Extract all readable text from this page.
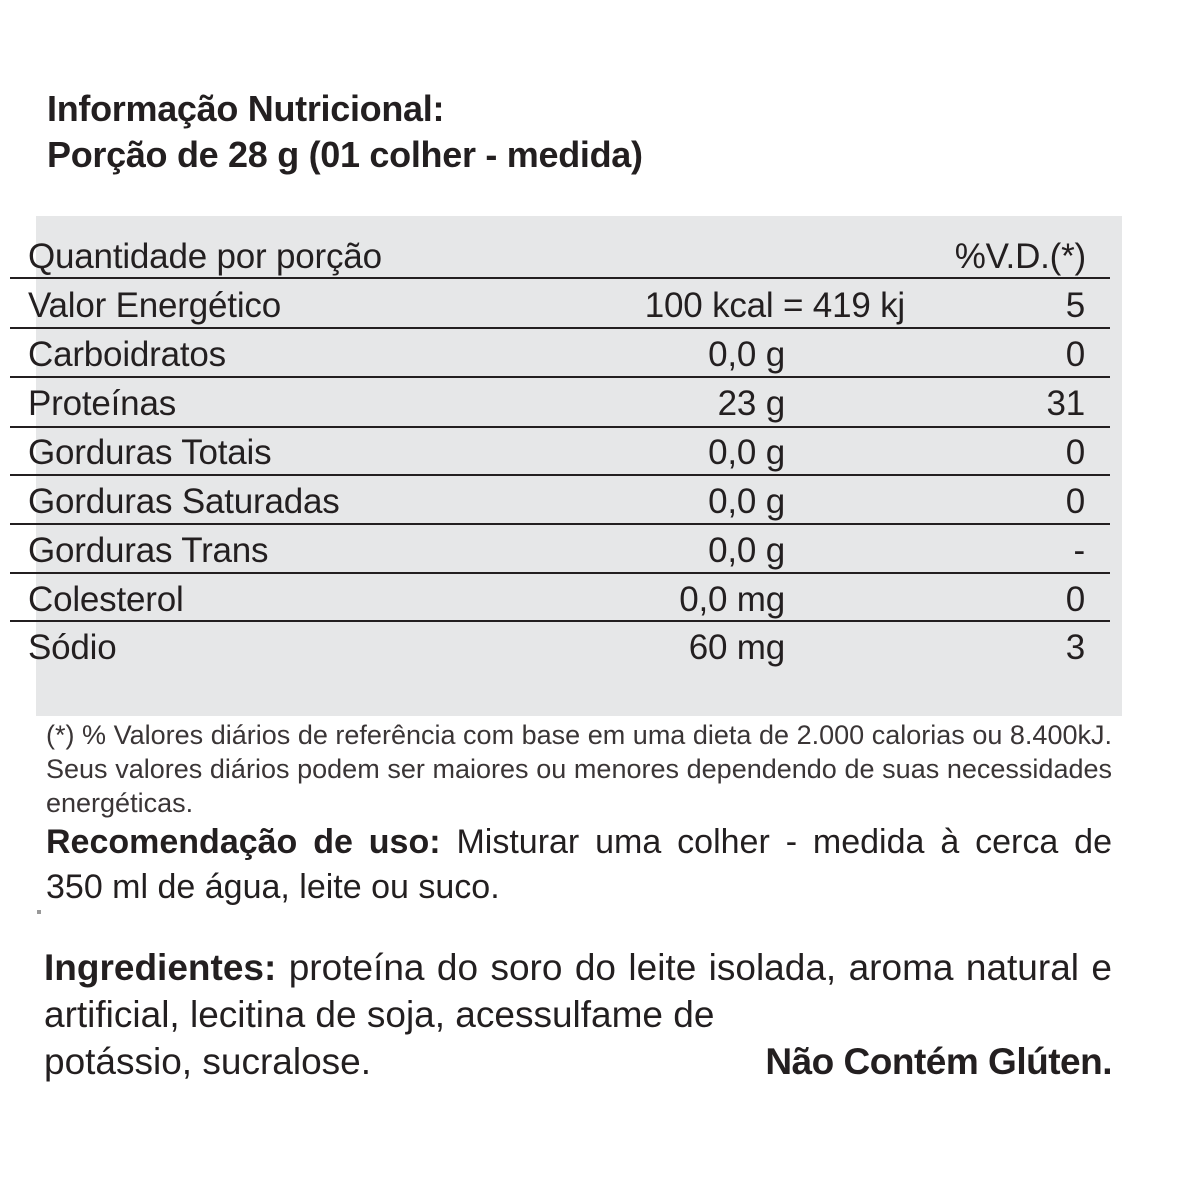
Informação Nutricional:
Porção de 28 g (01 colher - medida)
Quantidade por porção	%V.D.(*)
Valor Energético	100 kcal = 419 kj	5
Carboidratos	0,0 g	0
Proteínas	23 g	31
Gorduras Totais	0,0 g	0
Gorduras Saturadas	0,0 g	0
Gorduras Trans	0,0 g	-
Colesterol	0,0 mg	0
Sódio	60 mg	3
(*) % Valores diários de referência com base em uma dieta de 2.000 calorias ou 8.400kJ. Seus valores diários podem ser maiores ou menores dependendo de suas necessidades energéticas.
Recomendação de uso: Misturar uma colher - medida à cerca de 350 ml de água, leite ou suco.
Ingredientes: proteína do soro do leite isolada, aroma natural e artificial, lecitina de soja, acessulfame de
potássio, sucralose.	Não Contém Glúten.
